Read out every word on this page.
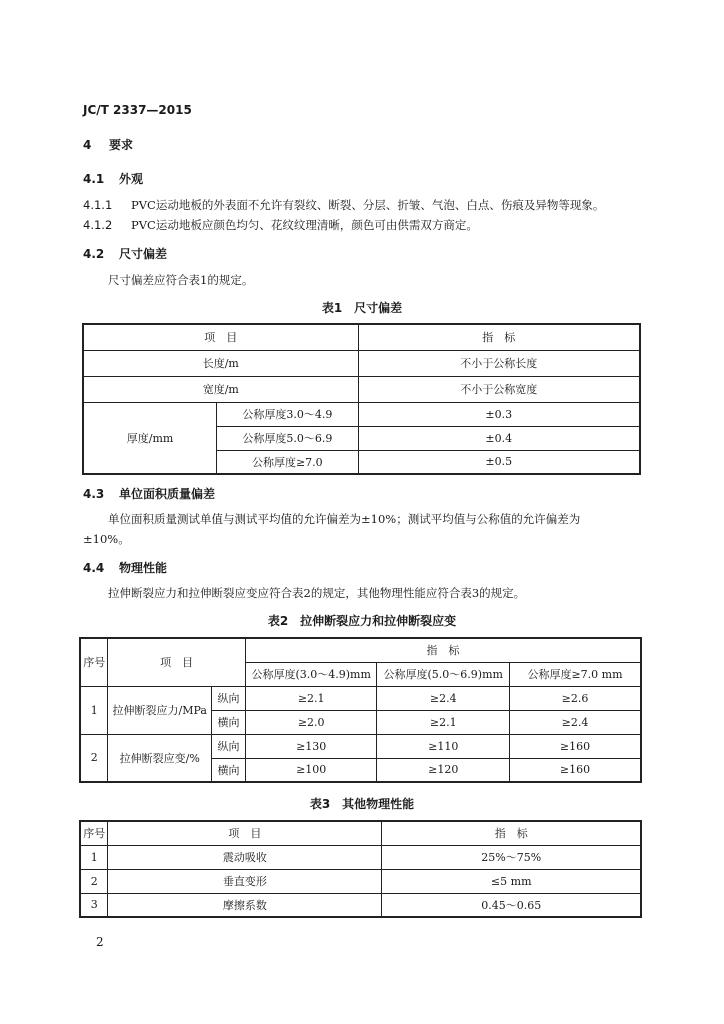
JC/T 2337—2015
4 要求
4.1 外观
4.1.1 PVC运动地板的外表面不允许有裂纹、断裂、分层、折皱、气泡、白点、伤痕及异物等现象。
4.1.2 PVC运动地板应颜色均匀、花纹纹理清晰，颜色可由供需双方商定。
4.2 尺寸偏差
尺寸偏差应符合表1的规定。
表1　尺寸偏差
项　目		指　标
长度/m		不小于公称长度
宽度/m		不小于公称宽度
厚度/mm	公称厚度3.0～4.9	±0.3
	公称厚度5.0～6.9	±0.4
	公称厚度≥7.0	±0.5
4.3 单位面积质量偏差
单位面积质量测试单值与测试平均值的允许偏差为±10%；测试平均值与公称值的允许偏差为
±10%。
4.4 物理性能
拉伸断裂应力和拉伸断裂应变应符合表2的规定，其他物理性能应符合表3的规定。
表2　拉伸断裂应力和拉伸断裂应变
序号	项　目		指　标		
			公称厚度(3.0～4.9)mm	公称厚度(5.0～6.9)mm	公称厚度≥7.0 mm
1	拉伸断裂应力/MPa	纵向	≥2.1	≥2.4	≥2.6
		横向	≥2.0	≥2.1	≥2.4
2	拉伸断裂应变/%	纵向	≥130	≥110	≥160
		横向	≥100	≥120	≥160
表3　其他物理性能
序号	项　目	指　标
1	震动吸收	25%～75%
2	垂直变形	≤5 mm
3	摩擦系数	0.45～0.65
2
